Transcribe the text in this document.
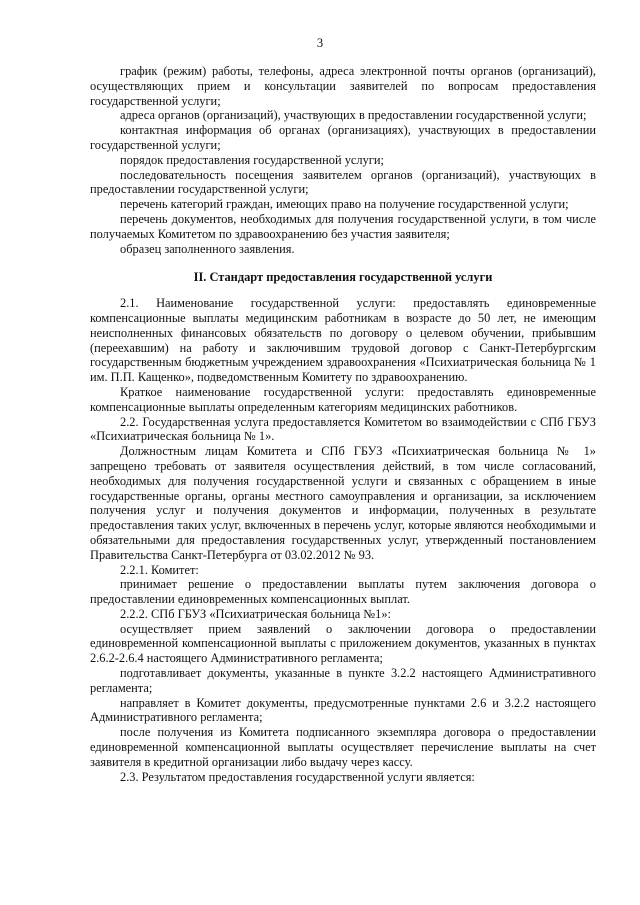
3

график (режим) работы, телефоны, адреса электронной почты органов (организаций), осуществляющих прием и консультации заявителей по вопросам предоставления государственной услуги;

адреса органов (организаций), участвующих в предоставлении государственной услуги;

контактная информация об органах (организациях), участвующих в предоставлении государственной услуги;

порядок предоставления государственной услуги;

последовательность посещения заявителем органов (организаций), участвующих в предоставлении государственной услуги;

перечень категорий граждан, имеющих право на получение государственной услуги;

перечень документов, необходимых для получения государственной услуги, в том числе получаемых Комитетом по здравоохранению без участия заявителя;

образец заполненного заявления.

II. Стандарт предоставления государственной услуги

2.1. Наименование государственной услуги: предоставлять единовременные компенсационные выплаты медицинским работникам в возрасте до 50 лет, не имеющим неисполненных финансовых обязательств по договору о целевом обучении, прибывшим (переехавшим) на работу и заключившим трудовой договор с Санкт-Петербургским государственным бюджетным учреждением здравоохранения «Психиатрическая больница № 1 им. П.П. Кащенко», подведомственным Комитету по здравоохранению.

Краткое наименование государственной услуги: предоставлять единовременные компенсационные выплаты определенным категориям медицинских работников.

2.2. Государственная услуга предоставляется Комитетом во взаимодействии с СПб ГБУЗ «Психиатрическая больница № 1».

Должностным лицам Комитета и СПб ГБУЗ «Психиатрическая больница № 1» запрещено требовать от заявителя осуществления действий, в том числе согласований, необходимых для получения государственной услуги и связанных с обращением в иные государственные органы, органы местного самоуправления и организации, за исключением получения услуг и получения документов и информации, полученных в результате предоставления таких услуг, включенных в перечень услуг, которые являются необходимыми и обязательными для предоставления государственных услуг, утвержденный постановлением Правительства Санкт-Петербурга от 03.02.2012 № 93.

2.2.1. Комитет:

принимает решение о предоставлении выплаты путем заключения договора о предоставлении единовременных компенсационных выплат.

2.2.2. СПб ГБУЗ «Психиатрическая больница №1»:

осуществляет прием заявлений о заключении договора о предоставлении единовременной компенсационной выплаты с приложением документов, указанных в пунктах 2.6.2-2.6.4 настоящего Административного регламента;

подготавливает документы, указанные в пункте 3.2.2 настоящего Административного регламента;

направляет в Комитет документы, предусмотренные пунктами 2.6 и 3.2.2 настоящего Административного регламента;

после получения из Комитета подписанного экземпляра договора о предоставлении единовременной компенсационной выплаты осуществляет перечисление выплаты на счет заявителя в кредитной организации либо выдачу через кассу.

2.3. Результатом предоставления государственной услуги является:
